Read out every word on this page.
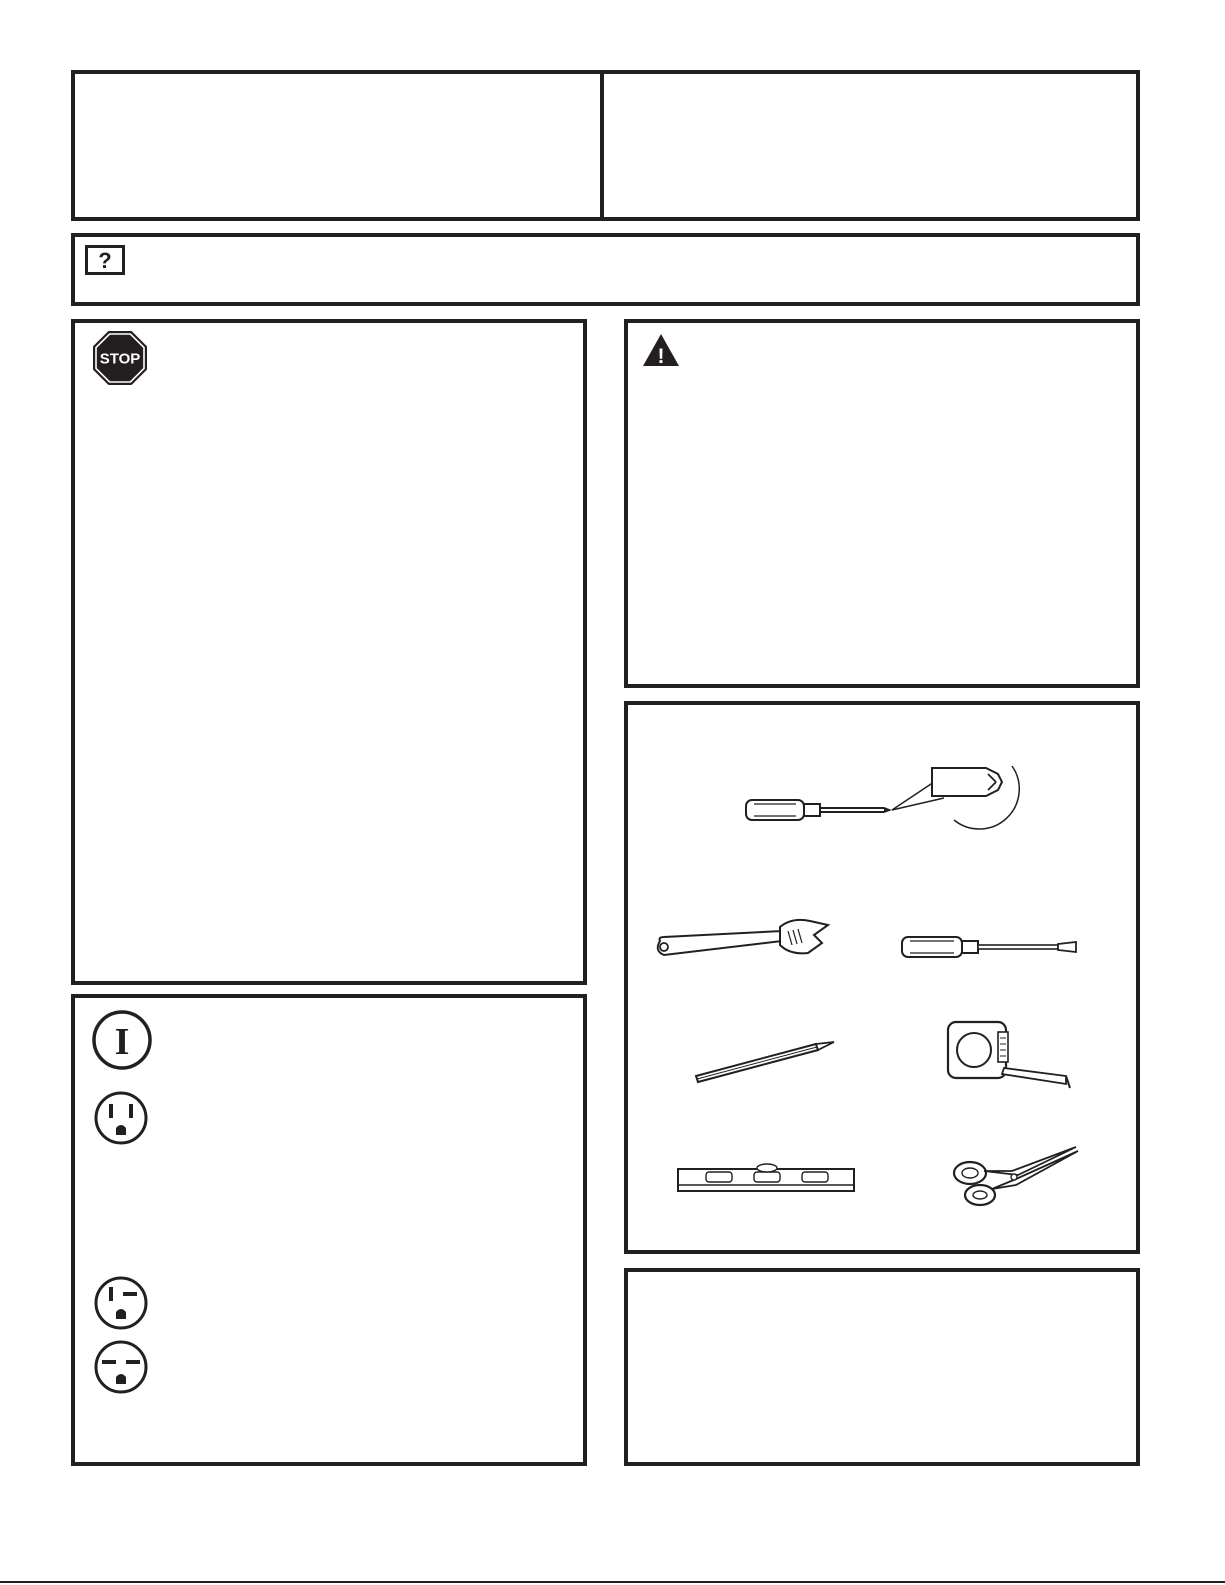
?
STOP	!
I
